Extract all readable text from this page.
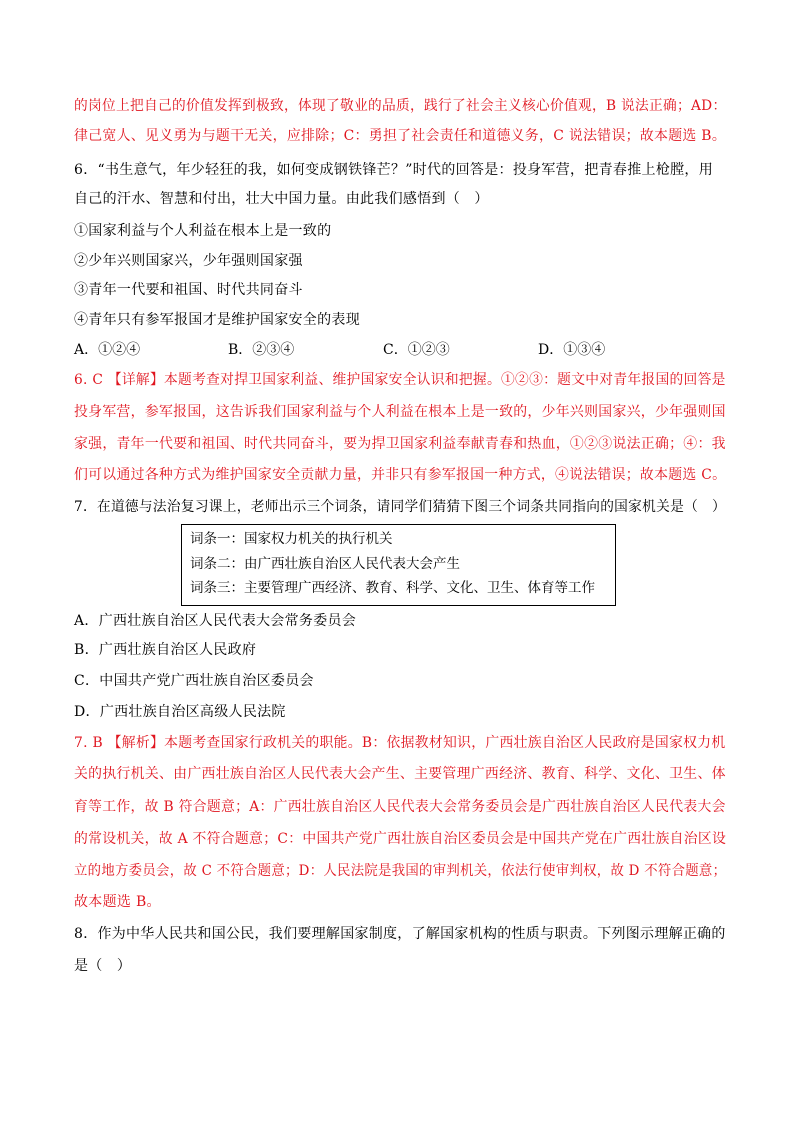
的岗位上把自己的价值发挥到极致，体现了敬业的品质，践行了社会主义核心价值观，B 说法正确；AD：
律己宽人、见义勇为与题干无关，应排除；C：勇担了社会责任和道德义务，C 说法错误；故本题选 B。
6．“书生意气，年少轻狂的我，如何变成钢铁锋芒？”时代的回答是：投身军营，把青春推上枪膛，用
自己的汗水、智慧和付出，壮大中国力量。由此我们感悟到（　）
①国家利益与个人利益在根本上是一致的
②少年兴则国家兴，少年强则国家强
③青年一代要和祖国、时代共同奋斗
④青年只有参军报国才是维护国家安全的表现
A．①②④	B．②③④	C．①②③	D．①③④
6. C 【详解】本题考查对捍卫国家利益、维护国家安全认识和把握。①②③：题文中对青年报国的回答是
投身军营，参军报国，这告诉我们国家利益与个人利益在根本上是一致的，少年兴则国家兴，少年强则国
家强，青年一代要和祖国、时代共同奋斗，要为捍卫国家利益奉献青春和热血，①②③说法正确；④：我
们可以通过各种方式为维护国家安全贡献力量，并非只有参军报国一种方式，④说法错误；故本题选 C。
7．在道德与法治复习课上，老师出示三个词条，请同学们猜猜下图三个词条共同指向的国家机关是（　）
词条一：国家权力机关的执行机关
词条二：由广西壮族自治区人民代表大会产生
词条三：主要管理广西经济、教育、科学、文化、卫生、体育等工作
A．广西壮族自治区人民代表大会常务委员会
B．广西壮族自治区人民政府
C．中国共产党广西壮族自治区委员会
D．广西壮族自治区高级人民法院
7. B 【解析】本题考查国家行政机关的职能。B：依据教材知识，广西壮族自治区人民政府是国家权力机
关的执行机关、由广西壮族自治区人民代表大会产生、主要管理广西经济、教育、科学、文化、卫生、体
育等工作，故 B 符合题意；A：广西壮族自治区人民代表大会常务委员会是广西壮族自治区人民代表大会
的常设机关，故 A 不符合题意；C：中国共产党广西壮族自治区委员会是中国共产党在广西壮族自治区设
立的地方委员会，故 C 不符合题意；D：人民法院是我国的审判机关，依法行使审判权，故 D 不符合题意；
故本题选 B。
8．作为中华人民共和国公民，我们要理解国家制度，了解国家机构的性质与职责。下列图示理解正确的
是（　）
